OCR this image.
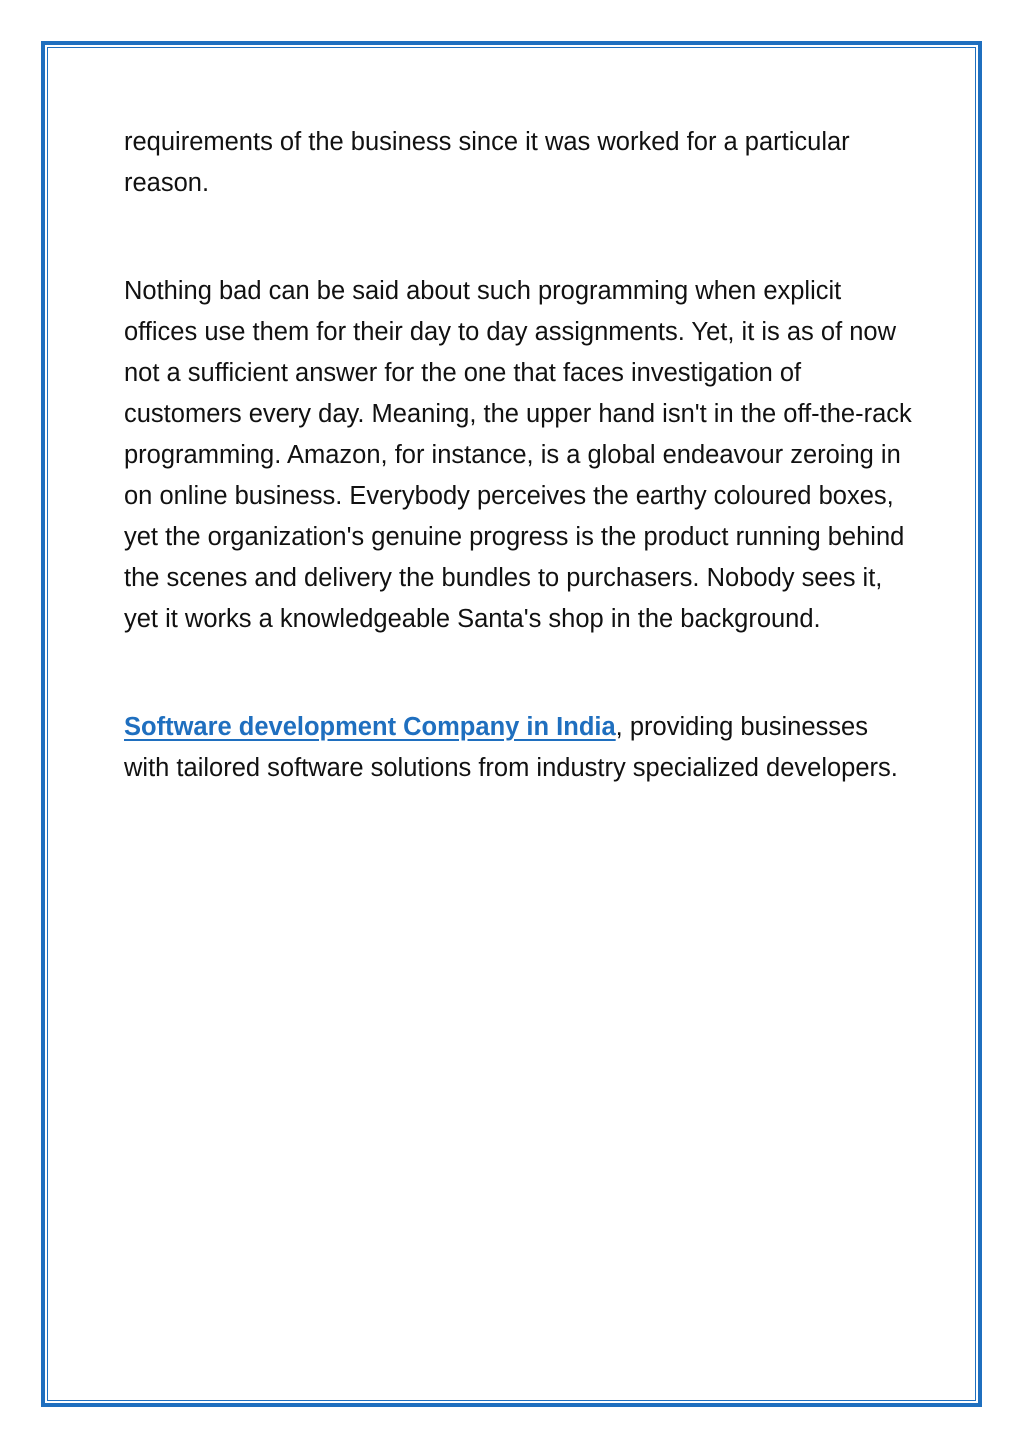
requirements of the business since it was worked for a particular reason.

Nothing bad can be said about such programming when explicit offices use them for their day to day assignments. Yet, it is as of now not a sufficient answer for the one that faces investigation of customers every day. Meaning, the upper hand isn't in the off-the-rack programming. Amazon, for instance, is a global endeavour zeroing in on online business. Everybody perceives the earthy coloured boxes, yet the organization's genuine progress is the product running behind the scenes and delivery the bundles to purchasers. Nobody sees it, yet it works a knowledgeable Santa's shop in the background.

Software development Company in India, providing businesses with tailored software solutions from industry specialized developers.
